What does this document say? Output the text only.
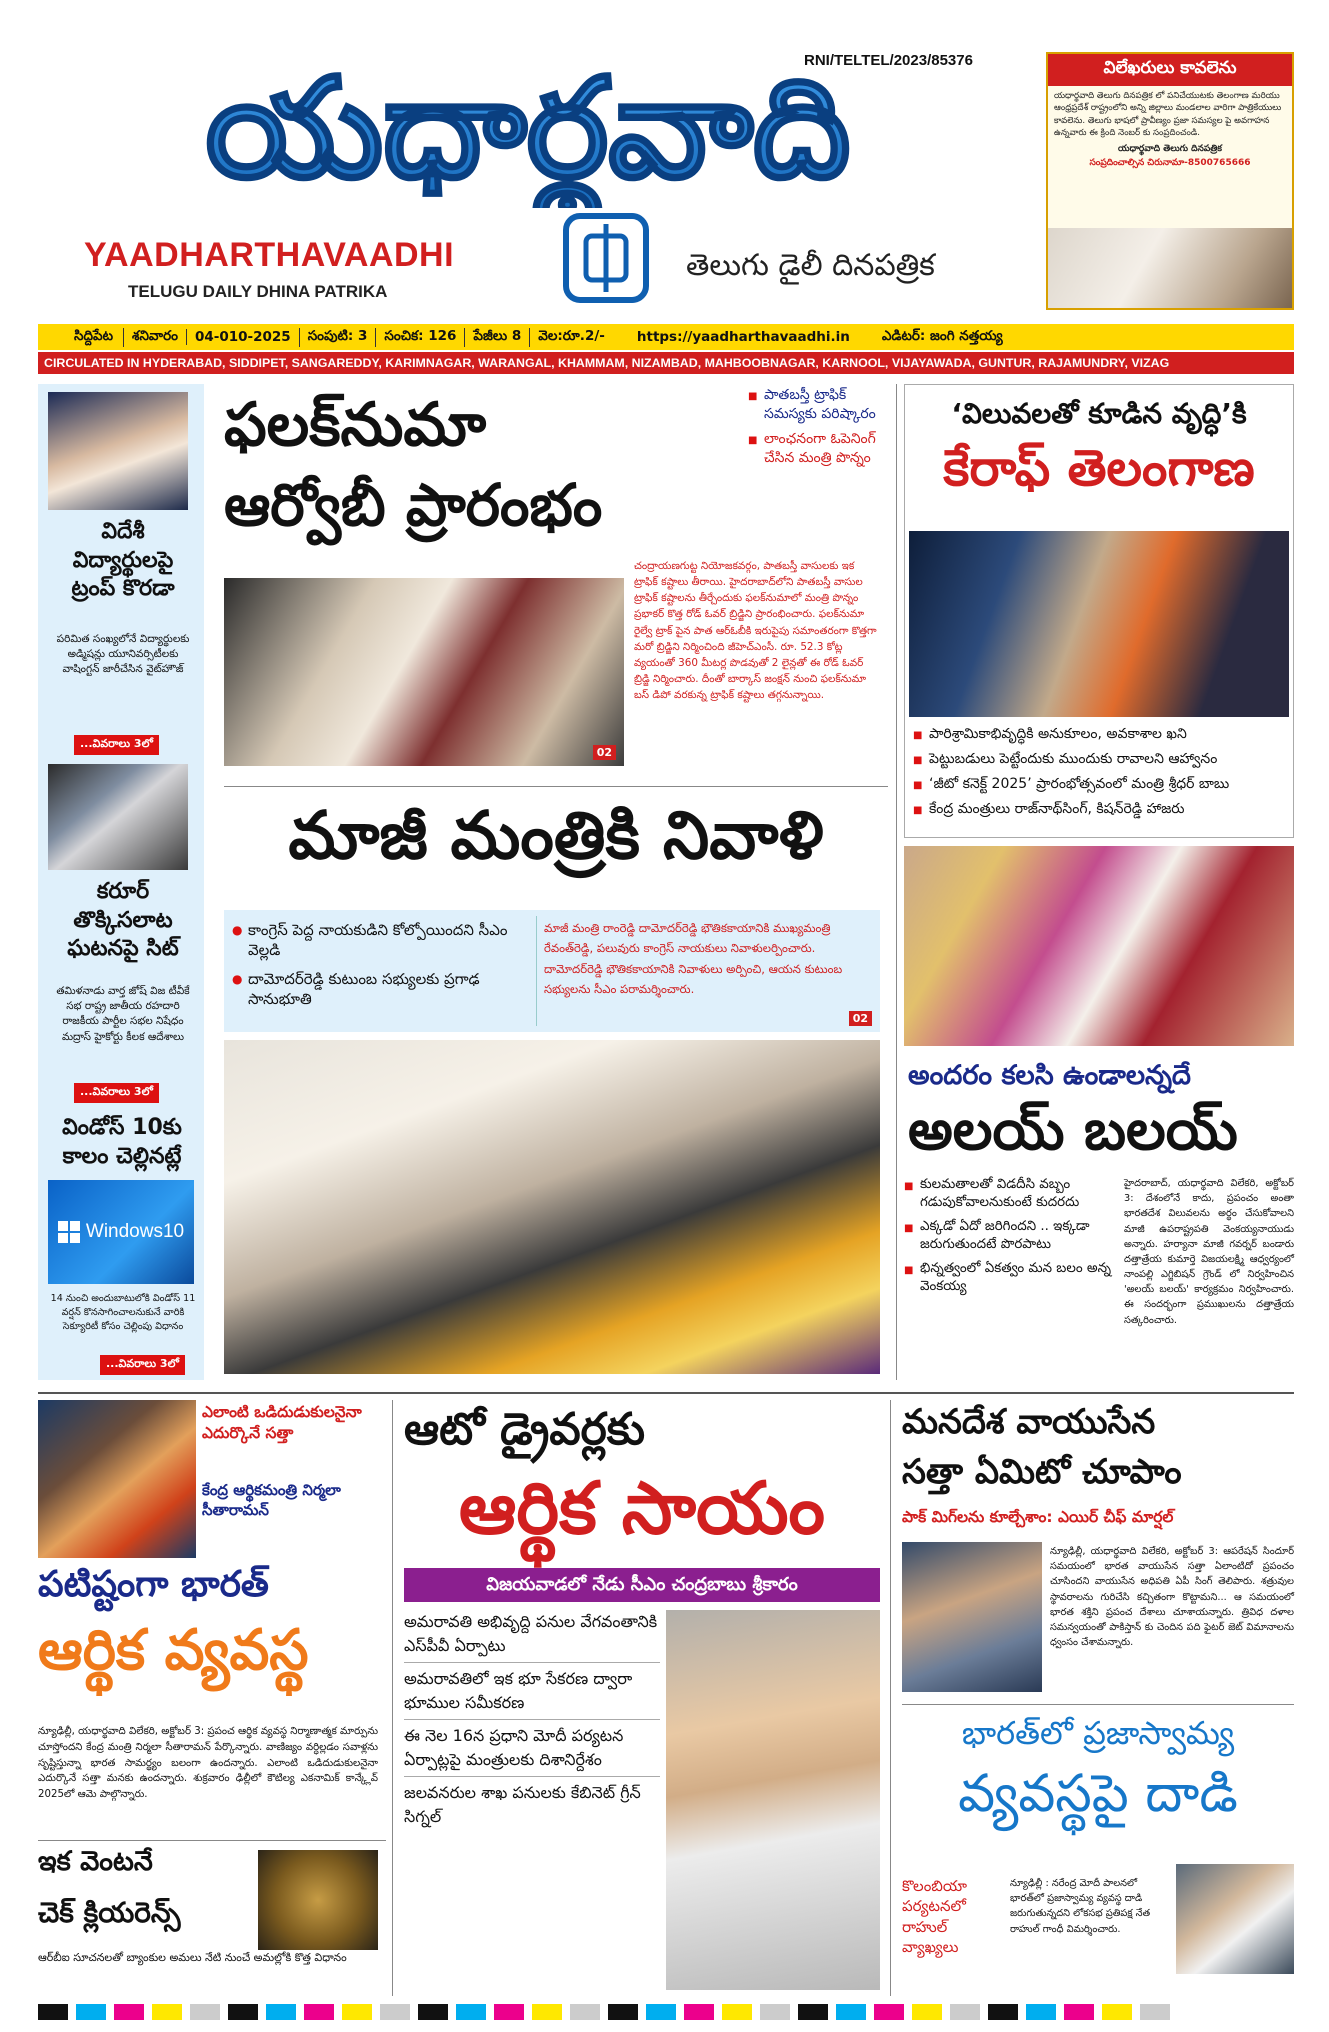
యధార్థవాది
YAADHARTHAVAADHI
TELUGU DAILY DHINA PATRIKA
తెలుగు డైలీ దినపత్రిక
RNI/TELTEL/2023/85376	విలేఖరులు కావలెను
యధార్థవాది తెలుగు దినపత్రిక లో పనిచేయుటకు తెలంగాణ మరియు ఆంధ్రప్రదేశ్ రాష్ట్రంలోని అన్ని జిల్లాలు మండలాల వారిగా పాత్రికేయులు కావలెను. తెలుగు భాషలో ప్రావీణ్యం ప్రజా సమస్యల పై అవగాహన ఉన్నవారు ఈ క్రింది నెంబర్ కు సంప్రదించండి.
యధార్థవాది తెలుగు దినపత్రిక
సంప్రదించాల్సిన చిరునామా-8500765666
సిద్దిపేట	శనివారం	04-010-2025	సంపుటి: 3	సంచిక: 126	పేజీలు 8	వెల:రూ.2/-	https://yaadharthavaadhi.in	ఎడిటర్: జంగి నత్తయ్య
CIRCULATED IN HYDERABAD, SIDDIPET, SANGAREDDY, KARIMNAGAR, WARANGAL, KHAMMAM, NIZAMBAD, MAHBOOBNAGAR, KARNOOL, VIJAYAWADA, GUNTUR, RAJAMUNDRY, VIZAG
విదేశీ విద్యార్థులపై ట్రంప్ కొరడా
పరిమిత సంఖ్యలోనే విద్యార్థులకు అడ్మిషన్లు యూనివర్సిటీలకు వాషింగ్టన్ జారీచేసిన వైట్‌హౌజ్
...వివరాలు 3లో
కరూర్ తొక్కిసలాట ఘటనపై సిట్
తమిళనాడు వార్త జోష్ విజ‌ టీవీకే సభ రాష్ట్ర జాతీయ రహదారి రాజకీయ పార్టీల సభల నిషేధం మద్రాస్ హైకోర్టు కీలక ఆదేశాలు
...వివరాలు 3లో
విండోస్ 10కు కాలం చెల్లినట్లే
Windows10
14 నుంచి అందుబాటులోకి విండోస్ 11 వర్షన్ కొనసాగించాలనుకునే వారికి సెక్యూరిటీ కోసం చెల్లింపు విధానం
...వివరాలు 3లో
ఫలక్‌నుమా
ఆర్వోబీ ప్రారంభం
■ పాతబస్తీ ట్రాఫిక్ సమస్యకు పరిష్కారం
■ లాంఛనంగా ఓపెనింగ్ చేసిన మంత్రి పొన్నం
02
చంద్రాయణగుట్ట నియోజకవర్గం, పాతబస్తీ వాసులకు ఇక ట్రాఫిక్ కష్టాలు తీరాయి. హైదరాబాద్‌లోని పాతబస్తీ వాసుల ట్రాఫిక్ కష్టాలను తీర్చేందుకు ఫలక్‌నుమాలో మంత్రి పొన్నం ప్రభాకర్ కొత్త రోడ్ ఓవర్ బ్రిడ్జిని ప్రారంభించారు. ఫలక్‌నుమా రైల్వే ట్రాక్ పైన పాత ఆర్‌ఓబీకి ఇరుపైపు సమాంతరంగా కొత్తగా మరో బ్రిడ్జిని నిర్మించింది జీహెచ్ఎంసీ. రూ. 52.3 కోట్ల వ్యయంతో 360 మీటర్ల పొడవుతో 2 లైన్లతో ఈ రోడ్ ఓవర్ బ్రిడ్జి నిర్మించారు. దీంతో బార్కాస్ జంక్షన్ నుంచి ఫలక్‌నుమా బస్ డిపో వరకున్న ట్రాఫిక్ కష్టాలు తగ్గనున్నాయి.
‘విలువలతో కూడిన వృద్ధి’కి
కేరాఫ్ తెలంగాణ
■ పారిశ్రామికాభివృద్ధికి అనుకూలం, అవకాశాల ఖని
■ పెట్టుబడులు పెట్టేందుకు ముందుకు రావాలని ఆహ్వానం
■ ‘జీటో కనెక్ట్ 2025’ ప్రారంభోత్సవంలో మంత్రి శ్రీధర్ బాబు
■ కేంద్ర మంత్రులు రాజ్‌నాథ్‌సింగ్, కిషన్‌రెడ్డి హాజరు
మాజీ మంత్రికి నివాళి
● కాంగ్రెస్ పెద్ద నాయకుడిని కోల్పోయిందని సీఎం వెల్లడి
● దామోదర్‌రెడ్డి కుటుంబ సభ్యులకు ప్రగాఢ సానుభూతి
మాజీ మంత్రి రాంరెడ్డి దామోదర్‌రెడ్డి భౌతికకాయానికి ముఖ్యమంత్రి రేవంత్‌రెడ్డి, పలువురు కాంగ్రెస్ నాయకులు నివాళులర్పించారు. దామోదర్‌రెడ్డి భౌతికకాయానికి నివాళులు అర్పించి, ఆయన కుటుంబ సభ్యులను సీఎం పరామర్శించారు.
02
అందరం కలసి ఉండాలన్నదే
అలయ్ బలయ్
■ కులమతాలతో విడదీసి వబ్బం గడుపుకోవాలనుకుంటే కుదరదు
■ ఎక్కడో ఏదో జరిగిందని .. ఇక్కడా జరుగుతుందటే పొరపాటు
■ భిన్నత్వంలో ఏకత్వం మన బలం అన్న వెంకయ్య
హైదరాబాద్, యధార్థవాది విలేకరి, అక్టోబర్ 3: దేశంలోనే కాదు, ప్రపంచం అంతా భారతదేశ విలువలను అర్థం చేసుకోవాలని మాజీ ఉపరాష్ట్రపతి వెంకయ్యనాయుడు అన్నారు. హర్యానా మాజీ గవర్నర్ బండారు దత్తాత్రేయ కుమార్తె విజయలక్ష్మి ఆధ్వర్యంలో నాంపల్లి ఎగ్జిబిషన్ గ్రౌండ్ లో నిర్వహించిన 'అలయ్ బలయ్' కార్యక్రమం నిర్వహించారు. ఈ సందర్భంగా ప్రముఖులను దత్తాత్రేయ సత్కరించారు.
ఎలాంటి ఒడిదుడుకులనైనా ఎదుర్కొనే సత్తా
కేంద్ర ఆర్థికమంత్రి నిర్మలా సీతారామన్
పటిష్టంగా భారత్
ఆర్థిక వ్యవస్థ
న్యూఢిల్లీ, యధార్థవాది విలేకరి, అక్టోబర్ 3: ప్రపంచ ఆర్థిక వ్యవస్థ నిర్మాణాత్మక మార్పును చూస్తోందని కేంద్ర మంత్రి నిర్మలా సీతారామన్ పేర్కొన్నారు. వాణిజ్యం వర్ధిల్లడం సవాళ్లను సృష్టిస్తున్నా భారత సామర్థ్యం బలంగా ఉందన్నారు. ఎలాంటి ఒడిదుడుకులనైనా ఎదుర్కొనే సత్తా మనకు ఉందన్నారు. శుక్రవారం ఢిల్లీలో కౌటిల్య ఎకనామిక్ కాన్క్లేవ్ 2025లో ఆమె పాల్గొన్నారు.
ఇక వెంటనే
చెక్ క్లియరెన్స్
ఆర్‌బీఐ సూచనలతో బ్యాంకుల అమలు నేటి నుంచే అమల్లోకి కొత్త విధానం
ఆటో డ్రైవర్లకు
ఆర్థిక సాయం
విజయవాడలో నేడు సీఎం చంద్రబాబు శ్రీకారం
అమరావతి అభివృద్ది పనుల వేగవంతానికి ఎస్‌పీవీ ఏర్పాటు
అమరావతిలో ఇక భూ సేకరణ ద్వారా భూముల సమీకరణ
ఈ నెల 16న ప్రధాని మోదీ పర్యటన ఏర్పాట్లపై మంత్రులకు దిశానిర్దేశం
జలవనరుల శాఖ పనులకు కేబినెట్ గ్రీన్ సిగ్నల్
మనదేశ వాయుసేన
సత్తా ఏమిటో చూపాం
పాక్ మిగ్‌లను కూల్చేశాం: ఎయిర్ చీఫ్ మార్షల్
న్యూఢిల్లీ, యధార్థవాది విలేకరి, అక్టోబర్ 3: ఆపరేషన్ సిందూర్ సమయంలో భారత వాయుసేన సత్తా ఏలాంటిదో ప్రపంచం చూసిందని వాయుసేన అధిపతి ఏపీ సింగ్ తెలిపారు. శత్రువుల స్థావరాలను గురిచేసి కచ్చితంగా కొట్టామని... ఆ సమయంలో భారత శక్తిని ప్రపంచ దేశాలు చూశాయన్నారు. త్రివిధ దళాల సమన్వయంతో పాకిస్తాన్ కు చెందిన పది ఫైటర్ జెట్ విమానాలను ధ్వంసం చేశామన్నారు.
భారత్‌లో ప్రజాస్వామ్య
వ్యవస్థపై దాడి
కొలంబియా పర్యటనలో రాహుల్ వ్యాఖ్యలు
న్యూఢిల్లీ : నరేంద్ర మోదీ పాలనలో భారత్‌లో ప్రజాస్వామ్య వ్యవస్థ దాడి జరుగుతున్నదని లోకసభ ప్రతిపక్ష నేత రాహుల్ గాంధీ విమర్శించారు.
